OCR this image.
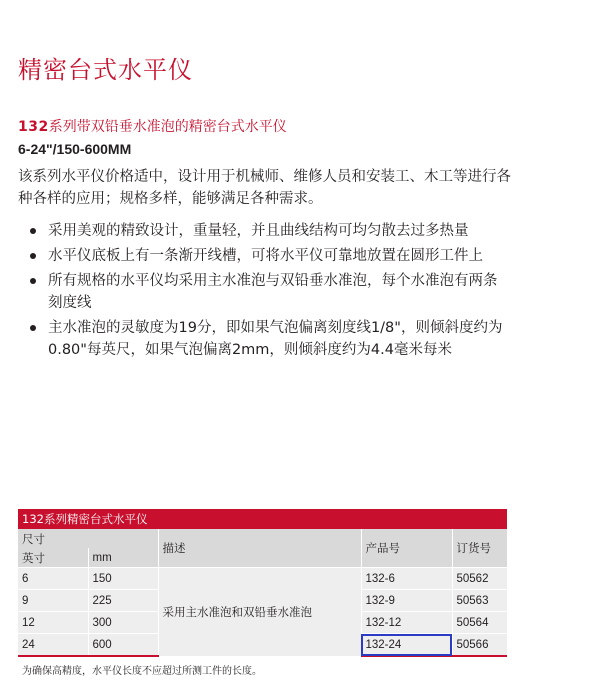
精密台式水平仪
132系列带双铅垂水准泡的精密台式水平仪
6-24"/150-600MM

该系列水平仪价格适中，设计用于机械师、维修人员和安装工、木工等进行各种各样的应用；规格多样，能够满足各种需求。

采用美观的精致设计，重量轻，并且曲线结构可均匀散去过多热量
水平仪底板上有一条渐开线槽，可将水平仪可靠地放置在圆形工件上
所有规格的水平仪均采用主水准泡与双铅垂水准泡，每个水准泡有两条刻度线
主水准泡的灵敏度为19分，即如果气泡偏离刻度线1/8"，则倾斜度约为0.80"每英尺，如果气泡偏离2mm，则倾斜度约为4.4毫米每米
132系列精密台式水平仪
尺寸		描述	产品号	订货号
英寸	mm			
6	150	采用主水准泡和双铅垂水准泡	132-6	50562
9	225		132-9	50563
12	300		132-12	50564
24	600		132-24	50566
为确保高精度，水平仪长度不应超过所测工件的长度。
